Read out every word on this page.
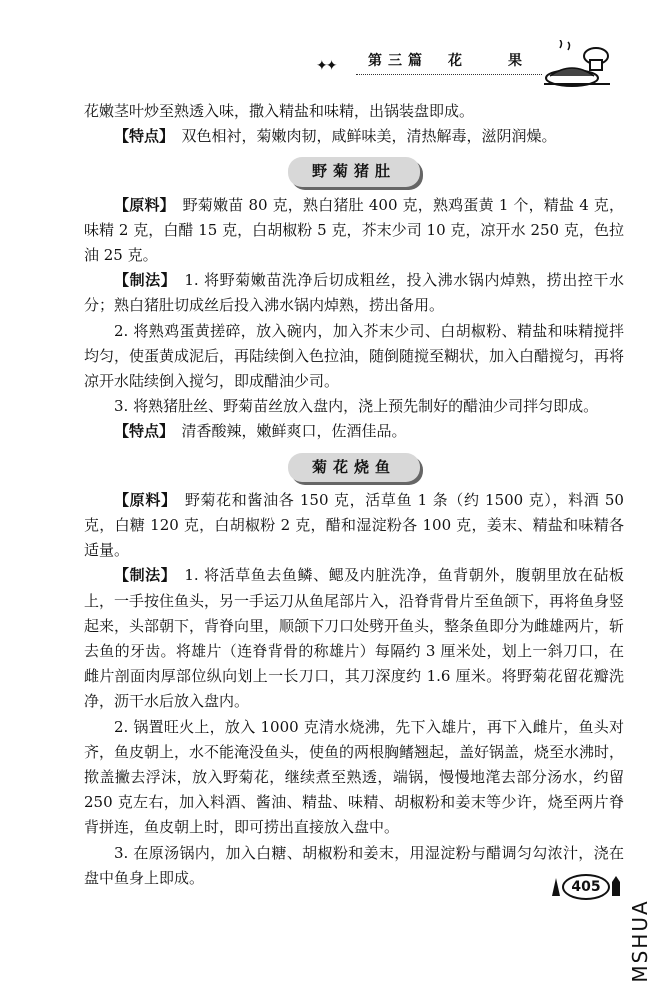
✦✦ 第三篇　花　　果

花嫩茎叶炒至熟透入味，撒入精盐和味精，出锅装盘即成。

【特点】　 双色相衬，菊嫩肉韧，咸鲜味美，清热解毒，滋阴润燥。

野菊猪肚

【原料】　 野菊嫩苗 80 克，熟白猪肚 400 克，熟鸡蛋黄 1 个，精盐 4 克，味精 2 克，白醋 15 克，白胡椒粉 5 克，芥末少司 10 克，凉开水 250 克，色拉油 25 克。

【制法】　 1. 将野菊嫩苗洗净后切成粗丝，投入沸水锅内焯熟，捞出控干水分；熟白猪肚切成丝后投入沸水锅内焯熟，捞出备用。

2. 将熟鸡蛋黄搓碎，放入碗内，加入芥末少司、白胡椒粉、精盐和味精搅拌均匀，使蛋黄成泥后，再陆续倒入色拉油，随倒随搅至糊状，加入白醋搅匀，再将凉开水陆续倒入搅匀，即成醋油少司。

3. 将熟猪肚丝、野菊苗丝放入盘内，浇上预先制好的醋油少司拌匀即成。

【特点】　 清香酸辣，嫩鲜爽口，佐酒佳品。

菊花烧鱼

【原料】　 野菊花和酱油各 150 克，活草鱼 1 条（约 1500 克），料酒 50 克，白糖 120 克，白胡椒粉 2 克，醋和湿淀粉各 100 克，姜末、精盐和味精各适量。

【制法】　 1. 将活草鱼去鱼鳞、鳃及内脏洗净，鱼背朝外，腹朝里放在砧板上，一手按住鱼头，另一手运刀从鱼尾部片入，沿脊背骨片至鱼颌下，再将鱼身竖起来，头部朝下，背脊向里，顺颌下刀口处劈开鱼头，整条鱼即分为雌雄两片，斩去鱼的牙齿。将雄片（连脊背骨的称雄片）每隔约 3 厘米处，划上一斜刀口，在雌片剖面肉厚部位纵向划上一长刀口，其刀深度约 1.6 厘米。将野菊花留花瓣洗净，沥干水后放入盘内。

2. 锅置旺火上，放入 1000 克清水烧沸，先下入雄片，再下入雌片，鱼头对齐，鱼皮朝上，水不能淹没鱼头，使鱼的两根胸鳍翘起，盖好锅盖，烧至水沸时，揿盖撇去浮沫，放入野菊花，继续煮至熟透，端锅，慢慢地滗去部分汤水，约留 250 克左右，加入料酒、酱油、精盐、味精、胡椒粉和姜末等少许，烧至两片脊背拼连，鱼皮朝上时，即可捞出直接放入盘中。

3. 在原汤锅内，加入白糖、胡椒粉和姜末，用湿淀粉与醋调匀勾浓汁，浇在盘中鱼身上即成。

405
MSHUA
